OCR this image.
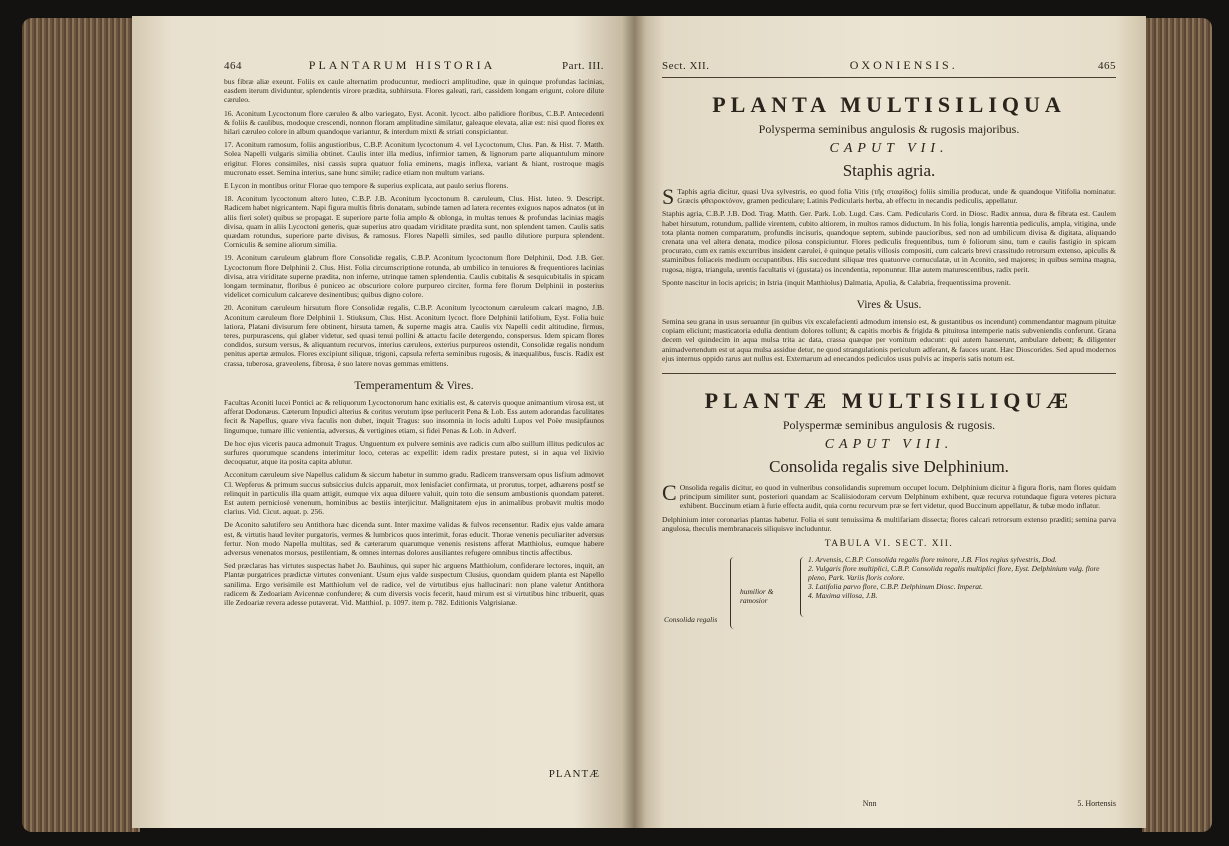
464	PLANTARUM HISTORIA	Part. III.

bus fibræ aliæ exeunt. Foliis ex caule alternatim producuntur, mediocri amplitudine, quæ in quinque profundas lacinias, easdem iterum dividuntur, splendentis virore prædita, subhirsuta. Flores galeati, rari, cassidem longam erigunt, colore dilute cæruleo.

16. Aconitum Lycoctonum flore cæruleo & albo variegato, Eyst. Aconit. lycoct. albo palidiore floribus, C.B.P. Antecedenti & foliis & caulibus, modoque crescendi, nonnon floram amplitudine similatur, galeaque elevata, aliæ est: nisi quod flores ex hilari cæruleo colore in album quandoque variantur, & interdum mixti & striati conspiciantur.

17. Aconitum ramosum, foliis angustioribus, C.B.P. Aconitum lycoctonum 4. vel Lycoctonum, Clus. Pan. & Hist. 7. Matth. Solea Napelli vulgaris similia obtinet. Caulis inter illa medius, infirmior tamen, & lignorum parte aliquantulum minore erigitur. Flores consimiles, nisi cassis supra quatuor folia eminens, magis inflexa, variant & hiant, rostroque magis mucronato esset. Semina interius, sane hunc simile; radice etiam non multum varians.

Ε Lycon in montibus oritur Florae quo tempore & superius explicata, aut paulo serius florens.

18. Aconitum lycoctonum altero luteo, C.B.P. J.B. Aconitum lycoctonum 8. cæruleum, Clus. Hist. luteo. 9. Descript. Radicem habet nigricantem. Napi figura multis fibris donatam, subinde tamen ad latera recentes exiguos napos adnatos (ut in aliis fieri solet) quibus se propagat. E superiore parte folia amplo & oblonga, in multas tenues & profundas lacinias magis divisa, quam in aliis Lycoctoni generis, quæ superius atro quadam viriditate prædita sunt, non splendent tamen. Caulis satis quædam rotundus, superiore parte divisus, & ramosus. Flores Napelli similes, sed paullo dilutiore purpura splendent. Corniculis & semine aliorum similia.

19. Aconitum cæruleum glabrum flore Consolidæ regalis, C.B.P. Aconitum lycoctonum flore Delphinii, Dod. J.B. Ger. Lycoctonum flore Delphinii 2. Clus. Hist. Folia circumscriptione rotunda, ab umbilico in tenuiores & frequentiores lacinias divisa, atra viriditate superne prædita, non inferne, utrinque tamen splendentia. Caulis cubitalis & sesquicubitalis in spicam longam terminatur, floribus è puniceo ac obscuriore colore purpureo circiter, forma fere florum Delphinii in posterius videlicet corniculum calcareve desinentibus; quibus digno colore.

20. Aconitum cæruleum hirsutum flore Consolidæ regalis, C.B.P. Aconitum lycoctonum cæruleum calcari magno, J.B. Aconitum cæruleum flore Delphinii 1. Stiuksum, Clus. Hist. Aconitum lycoct. flore Delphinii latifolium, Eyst. Folia huic latiora, Platani divisurum fere obtinent, hirsuta tamen, & superne magis atra. Caulis vix Napelli cedit altitudine, firmus, teres, purpurascens, qui glaber videtur, sed quasi tenui pollini & attactu facile detergendo, conspersus. Idem spicam flores condidos, sursum versus, & aliquantum recurvos, interius cæruleos, exterius purpureos ostendit, Consolidæ regalis nondum penitus apertæ æmulos. Flores excipiunt siliquæ, trigoni, capsula referta seminibus rugosis, & inæqualibus, fuscis. Radix est crassa, tuberosa, graveolens, fibrosa, è suo latere novas gemmas emittens.

Temperamentum & Vires.

Facultas Aconiti lucei Pontici ac & reliquorum Lycoctonorum hanc exitialis est, & catervis quoque animantium virosa est, ut afferat Dodonæus. Cæterum Inpudici alterius & coritus verutum ipse perlucerit Pena & Lob. Ess autem adorandas faculitates fecit & Napellus, quare viva faculis non dubet, inquit Tragus: suo insomnia in locis adulti Lupos vel Poëe musipfaunos lingumque, tumare illic venientia, adversus, & vertigines etiam, si fidei Penas & Lob. in Adverf.

De hoc ejus viceris pauca admonuit Tragus. Unguentum ex pulvere seminis ave radicis cum albo suillum illitus pediculos ac surfures quorumque scandens interimitur loco, ceteras ac expellit: idem radix prestare putest, si in aqua vel lixivio decoquatur, atque ita posita capita ablutur.

Acconitum cæruleum sive Napellus calidum & siccum habetur in summo gradu. Radicem transversam opus lisfium admovet Cl. Wepferus & primum succus subsiccius dulcis apparuit, mox lenisfaciet confirmata, ut prorutus, torpet, adhærens postf se relinquit in particulis illa quam attigit, eumque vix aqua diluere valuit, quin toto die sensum ambustionis quondam pateret. Est autem perniciosè venenum, hominibus ac bestiis interjicitur. Malignitatem ejus in animalibus probavit multis modo clarius. Vid. Cicut. aquat. p. 256.

De Aconito salutifero seu Antithora hæc dicenda sunt. Inter maxime validas & fulvos recensentur. Radix ejus valde amara est, & virtutis haud leviter purgatoris, vermes & lumbricos quos interimit, foras educit. Thorae venenis peculiariter adversus fertur. Non modo Napella multitas, sed & cæterarum quarumque venenis resistens afferat Matthiolus, eumque habere adversus venenatos morsus, pestilentiam, & omnes internas dolores ausiliantes refugere omnibus tinctis affectibus.

Sed præclaras has virtutes suspectas habet Jo. Bauhinus, qui super hic arguens Matthiolum, confiderare lectores, inquit, an Plantæ purgatrices prædictæ virtutes conveniant. Usum ejus valde suspectum Clusius, quondam quidem planta est Napello sanilima. Ergo verisimile est Matthiolum vel de radice, vel de virtutibus ejus hallucinari: non plane valetur Antithora radicem & Zedoariam Avicennæ confundere; & cum diversis vocis fecerit, haud mirum est si virtutibus hinc tribuerit, quas ille Zedoariæ revera adesse putaverat. Vid. Matthiol. p. 1097. item p. 782. Editionis Valgrisianæ.

PLANTÆ
Sect. XII.	OXONIENSIS.	465
PLANTA MULTISILIQUA
Polysperma seminibus angulosis & rugosis majoribus.
CAPUT VII.
Staphis agria.

S Taphis agria dicitur, quasi Uva sylvestris, eo quod folia Vitis (τῆς σταφίδος) foliis similia producat, unde & quandoque Vitifolia nominatur. Græcis φθειροκτόνον, gramen pediculare; Latinis Pedicularis herba, ab effectu in necandis pediculis, appellatur.

Staphis agria, C.B.P. J.B. Dod. Trag. Matth. Ger. Park. Lob. Lugd. Cæs. Cam. Pedicularis Cord. in Diosc. Radix annua, dura & fibrata est. Caulem habet hirsutum, rotundum, pallide virentem, cubito altiorem, in multos ramos diductum. In his folia, longis hærentia pediculis, ampla, vitigina, unde tota planta nomen comparatum, profundis incisuris, quandoque septem, subinde paucioribus, sed non ad umbilicum divisa & digitata, aliquando crenata una vel altera denata, modice pilosa conspiciuntur. Flores pediculis frequentibus, tum è foliorum sinu, tum e caulis fastigio in spicam procurato, cum ex ramis excurribus insident cærulei, è quinque petalis villosis compositi, cum calcaris brevi crassitudo retrorsum extenso, apiculis & staminibus foliaceis medium occupantibus. His succedunt siliquæ tres quatuorve cornuculatæ, ut in Aconito, sed majores; in quibus semina magna, rugosa, nigra, triangula, urentis facultatis vi (gustata) os incendentia, reponuntur. Illæ autem maturescentibus, radix perit.

Sponte nascitur in locis apricis; in Istria (inquit Matthiolus) Dalmatia, Apulia, & Calabria, frequentissima provenit.

Vires & Usus.

Semina seu grana in usus seruantur (in quibus vix excalefacienti admodum intensio est, & gustantibus os incendunt) commendantur magnum pituitæ copiam eliciunt; masticatoria edulia dentium dolores tollunt; & capitis morbis & frigida & pituitosa intemperie natis subveniendis conferunt. Grana decem vel quindecim in aqua mulsa trita ac data, crassa quæque per vomitum educunt: qui autem hauserunt, ambulare debent; & diligenter animadvertendum est ut aqua mulsa assidue detur, ne quod strangulationis periculum adferant, & fauces urant. Hæc Dioscorides. Sed apud modernos ejus internus oppido rarus aut nullus est. Externarum ad enecandos pediculos usus pulvis ac insperis satis notum est.

PLANTÆ MULTISILIQUÆ
Polyspermæ seminibus angulosis & rugosis.
CAPUT VIII.
Consolida regalis sive Delphinium.

C Onsolida regalis dicitur, eo quod in vulneribus consolidandis supremum occupet locum. Delphinium dicitur à figura floris, nam flores quidam principum similiter sunt, posteriori quandam ac Scaliisiodoram cervum Delphinum exhibent, quæ recurva rotundaque figura veteres pictura exhibent. Buccinum etiam à furie effecta audit, quia cornu recurvum præ se fert videtur, quod Buccinum appellatur, & tubæ modo inflatur.

Delphinium inter coronarias plantas habetur. Folia ei sunt tenuissima & multifariam dissecta; flores calcari retrorsum extenso præditi; semina parva angulosa, theculis membranaceis siliquisve includuntur.

TABULA VI. SECT. XII.
Consolida regalis
humilior &
ramosior
1. Arvensis, C.B.P. Consolida regalis flore minore, J.B. Flos regius sylvestris, Dod.
2. Vulgaris flore multiplici, C.B.P. Consolida regalis multiplici flore, Eyst. Delphinium vulg. flore pleno, Park. Variis floris colore.
3. Latifolia parvo flore, C.B.P. Delphinum Diosc. Imperat.
4. Maxima villosa, J.B.
Nnn	5. Hortensis
